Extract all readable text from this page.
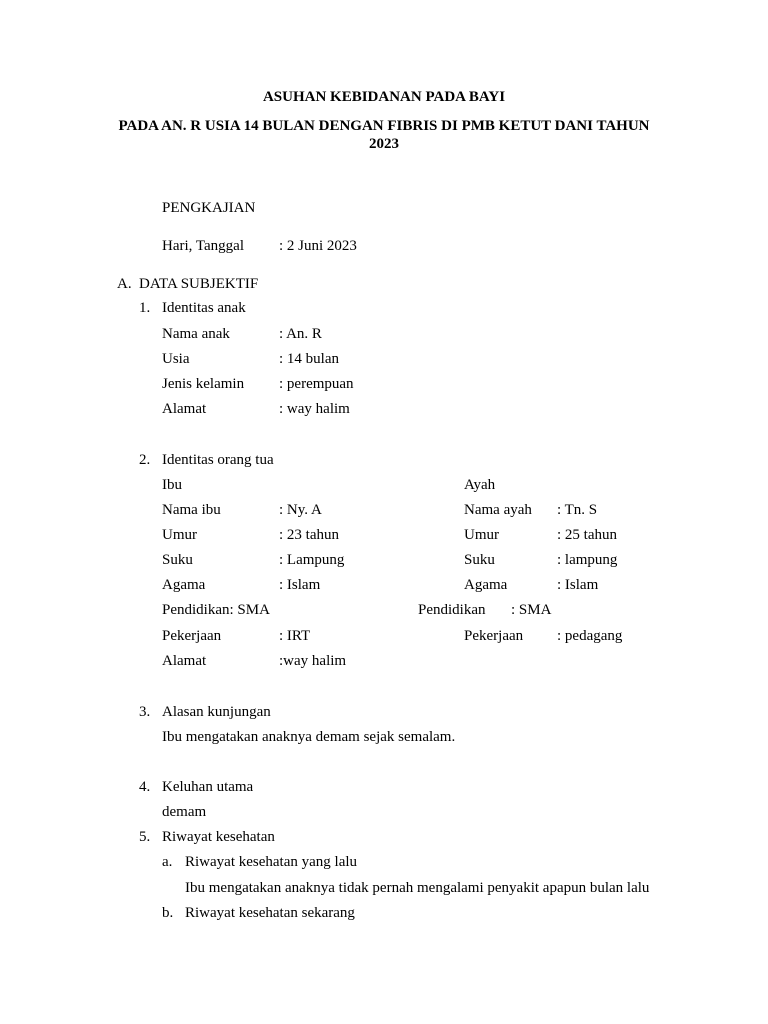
ASUHAN KEBIDANAN PADA BAYI
PADA AN. R USIA 14 BULAN DENGAN FIBRIS DI PMB KETUT DANI TAHUN
2023
PENGKAJIAN
Hari, Tanggal : 2 Juni 2023
A. DATA SUBJEKTIF
1. Identitas anak
Nama anak	: An. R
Usia	: 14 bulan
Jenis kelamin : perempuan
Alamat	: way halim
2. Identitas orang tua
Ibu	Ayah
Nama ibu	: Ny. A	Nama ayah : Tn. S
Umur	: 23 tahun	Umur	: 25 tahun
Suku	: Lampung	Suku	: lampung
Agama	: Islam	Agama	: Islam
Pendidikan: SMA	Pendidikan : SMA
Pekerjaan	: IRT	Pekerjaan : pedagang
Alamat	:way halim
3. Alasan kunjungan
Ibu mengatakan anaknya demam sejak semalam.
4. Keluhan utama
demam
5. Riwayat kesehatan
a. Riwayat kesehatan yang lalu
Ibu mengatakan anaknya tidak pernah mengalami penyakit apapun bulan lalu
b. Riwayat kesehatan sekarang
